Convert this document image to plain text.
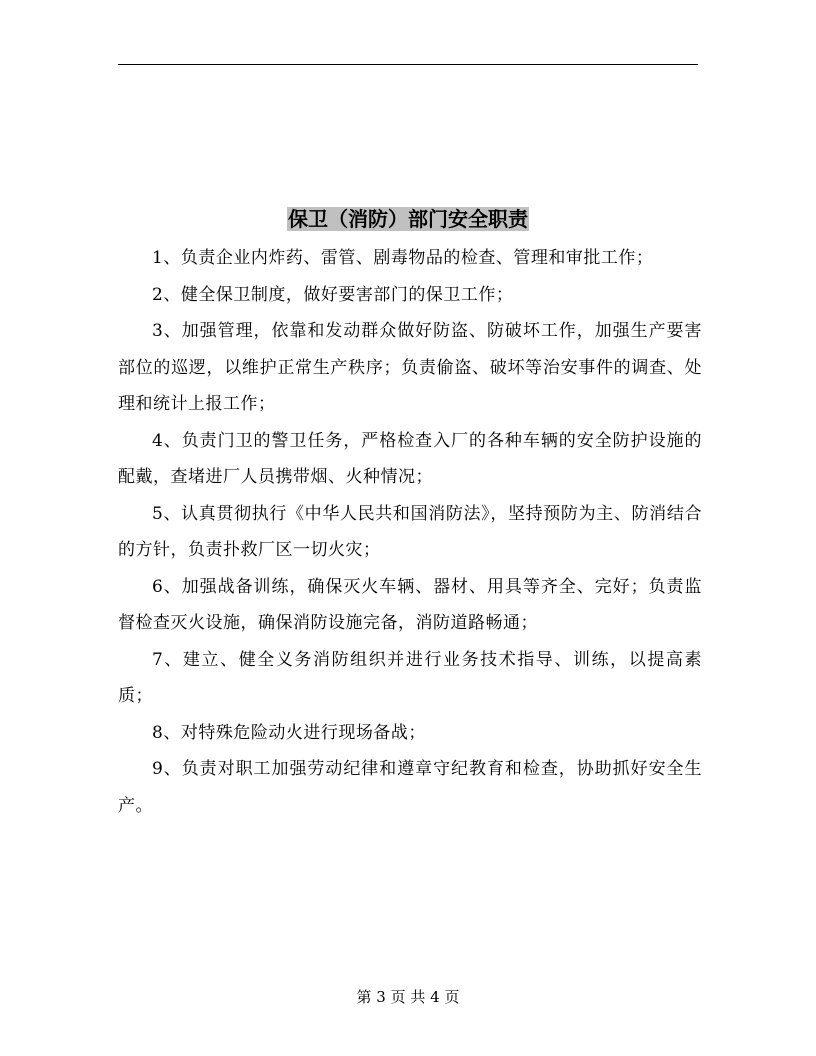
保卫（消防）部门安全职责

1、负责企业内炸药、雷管、剧毒物品的检查、管理和审批工作；

2、健全保卫制度，做好要害部门的保卫工作；

3、加强管理，依靠和发动群众做好防盗、防破坏工作，加强生产要害部位的巡逻，以维护正常生产秩序；负责偷盗、破坏等治安事件的调查、处理和统计上报工作；

4、负责门卫的警卫任务，严格检查入厂的各种车辆的安全防护设施的配戴，查堵进厂人员携带烟、火种情况；

5、认真贯彻执行《中华人民共和国消防法》，坚持预防为主、防消结合的方针，负责扑救厂区一切火灾；

6、加强战备训练，确保灭火车辆、器材、用具等齐全、完好；负责监督检查灭火设施，确保消防设施完备，消防道路畅通；

7、建立、健全义务消防组织并进行业务技术指导、训练，以提高素质；

8、对特殊危险动火进行现场备战；

9、负责对职工加强劳动纪律和遵章守纪教育和检查，协助抓好安全生产。

第 3 页 共 4 页
